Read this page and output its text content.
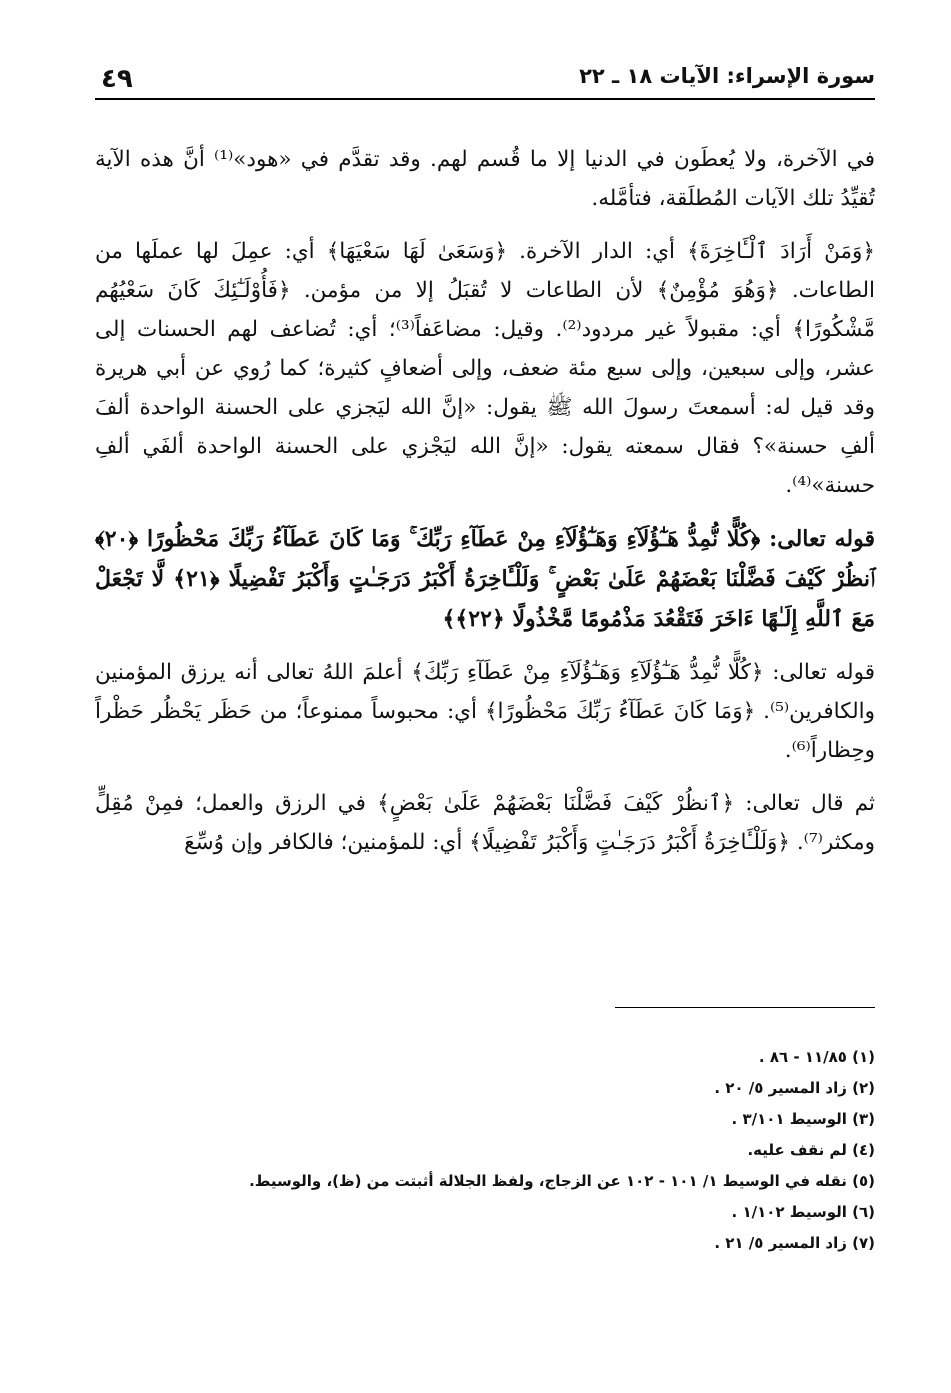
سورة الإسراء: الآيات ١٨ ـ ٢٢
٤٩

في الآخرة، ولا يُعطَون في الدنيا إلا ما قُسم لهم. وقد تقدَّم في «هود»⁽¹⁾ أنَّ هذه الآية تُقيِّدُ تلك الآيات المُطلَقة، فتأمَّله.

﴿وَمَنْ أَرَادَ ٱلْـَٔاخِرَةَ﴾ أي: الدار الآخرة. ﴿وَسَعَىٰ لَهَا سَعْيَهَا﴾ أي: عمِلَ لها عملَها من الطاعات. ﴿وَهُوَ مُؤْمِنٌ﴾ لأن الطاعات لا تُقبَلُ إلا من مؤمن. ﴿فَأُوْلَـٰٓئِكَ كَانَ سَعْيُهُم مَّشْكُورًا﴾ أي: مقبولاً غير مردود⁽²⁾. وقيل: مضاعَفاً⁽³⁾؛ أي: تُضاعف لهم الحسنات إلى عشر، وإلى سبعين، وإلى سبع مئة ضعف، وإلى أضعافٍ كثيرة؛ كما رُوي عن أبي هريرة وقد قيل له: أسمعتَ رسولَ الله ﷺ يقول: «إنَّ الله ليَجزي على الحسنة الواحدة ألفَ ألفِ حسنة»؟ فقال سمعته يقول: «إنَّ الله ليَجْزي على الحسنة الواحدة ألفَي ألفِ حسنة»⁽⁴⁾.

قوله تعالى: ﴿كُلًّا نُّمِدُّ هَـٰٓؤُلَآءِ وَهَـٰٓؤُلَآءِ مِنْ عَطَآءِ رَبِّكَ ۚ وَمَا كَانَ عَطَآءُ رَبِّكَ مَحْظُورًا ﴿٢٠﴾ ٱنظُرْ كَيْفَ فَضَّلْنَا بَعْضَهُمْ عَلَىٰ بَعْضٍ ۚ وَلَلْـَٔاخِرَةُ أَكْبَرُ دَرَجَـٰتٍ وَأَكْبَرُ تَفْضِيلًا ﴿٢١﴾ لَّا تَجْعَلْ مَعَ ٱللَّهِ إِلَـٰهًا ءَاخَرَ فَتَقْعُدَ مَذْمُومًا مَّخْذُولًا ﴿٢٢﴾﴾

قوله تعالى: ﴿كُلًّا نُّمِدُّ هَـٰٓؤُلَآءِ وَهَـٰٓؤُلَآءِ مِنْ عَطَآءِ رَبِّكَ﴾ أعلمَ اللهُ تعالى أنه يرزق المؤمنين والكافرين⁽⁵⁾. ﴿وَمَا كَانَ عَطَآءُ رَبِّكَ مَحْظُورًا﴾ أي: محبوساً ممنوعاً؛ من حَظَر يَحْظُر حَظْراً وحِظاراً⁽⁶⁾.

ثم قال تعالى: ﴿ٱنظُرْ كَيْفَ فَضَّلْنَا بَعْضَهُمْ عَلَىٰ بَعْضٍ﴾ في الرزق والعمل؛ فمِنْ مُقِلٍّ ومكثر⁽⁷⁾. ﴿وَلَلْـَٔاخِرَةُ أَكْبَرُ دَرَجَـٰتٍ وَأَكْبَرُ تَفْضِيلًا﴾ أي: للمؤمنين؛ فالكافر وإن وُسِّعَ

(١) ١١/٨٥ - ٨٦ .
(٢) زاد المسير ٥/ ٢٠ .
(٣) الوسيط ٣/١٠١ .
(٤) لم نقف عليه.
(٥) نقله في الوسيط ١/ ١٠١ - ١٠٢ عن الزجاج، ولفظ الجلالة أثبتت من (ظ)، والوسيط.
(٦) الوسيط ١/١٠٢ .
(٧) زاد المسير ٥/ ٢١ .
